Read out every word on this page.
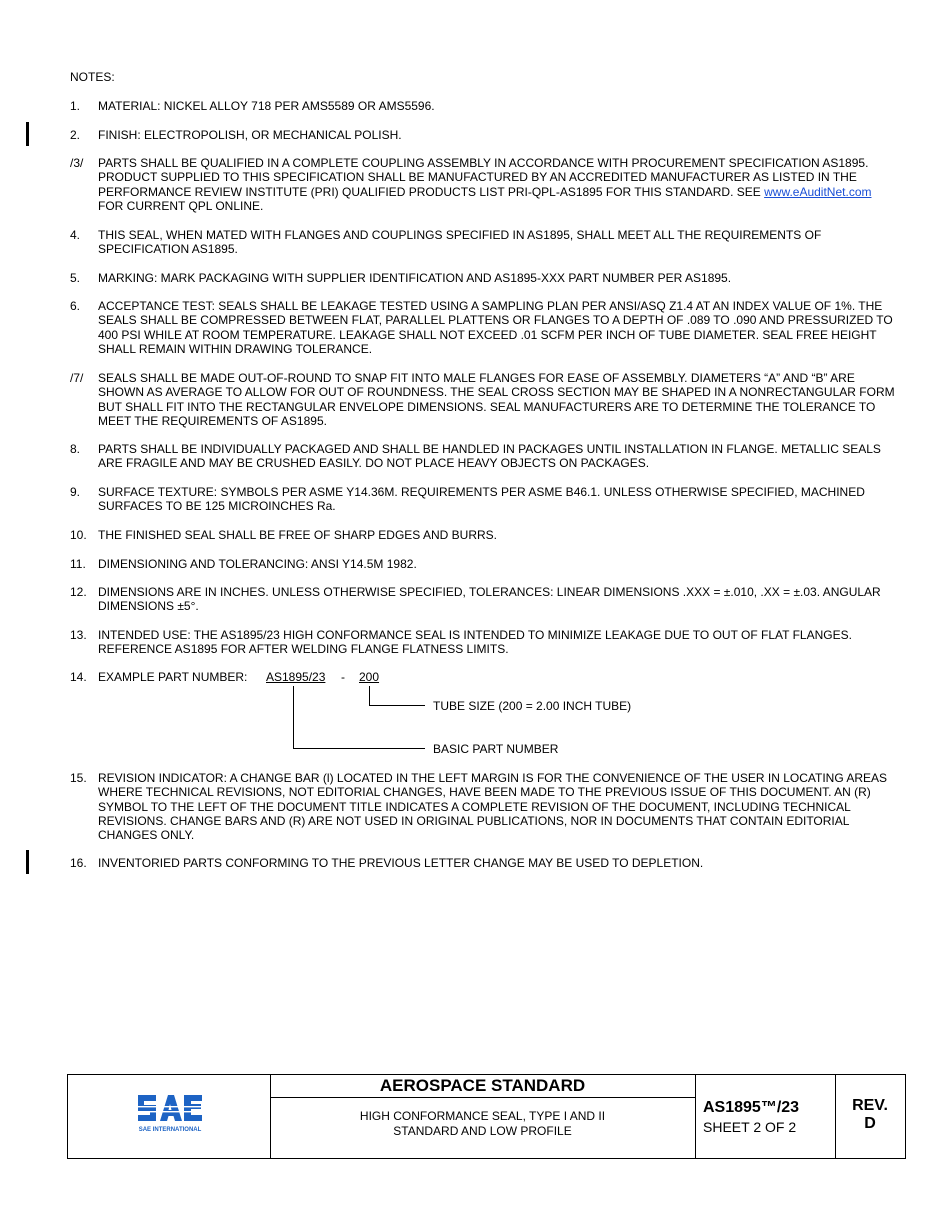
NOTES:
1. MATERIAL: NICKEL ALLOY 718 PER AMS5589 OR AMS5596.
2. FINISH: ELECTROPOLISH, OR MECHANICAL POLISH.
/3/ PARTS SHALL BE QUALIFIED IN A COMPLETE COUPLING ASSEMBLY IN ACCORDANCE WITH PROCUREMENT SPECIFICATION AS1895. PRODUCT SUPPLIED TO THIS SPECIFICATION SHALL BE MANUFACTURED BY AN ACCREDITED MANUFACTURER AS LISTED IN THE PERFORMANCE REVIEW INSTITUTE (PRI) QUALIFIED PRODUCTS LIST PRI-QPL-AS1895 FOR THIS STANDARD. SEE www.eAuditNet.com FOR CURRENT QPL ONLINE.
4. THIS SEAL, WHEN MATED WITH FLANGES AND COUPLINGS SPECIFIED IN AS1895, SHALL MEET ALL THE REQUIREMENTS OF SPECIFICATION AS1895.
5. MARKING: MARK PACKAGING WITH SUPPLIER IDENTIFICATION AND AS1895-XXX PART NUMBER PER AS1895.
6. ACCEPTANCE TEST: SEALS SHALL BE LEAKAGE TESTED USING A SAMPLING PLAN PER ANSI/ASQ Z1.4 AT AN INDEX VALUE OF 1%. THE SEALS SHALL BE COMPRESSED BETWEEN FLAT, PARALLEL PLATTENS OR FLANGES TO A DEPTH OF .089 TO .090 AND PRESSURIZED TO 400 PSI WHILE AT ROOM TEMPERATURE. LEAKAGE SHALL NOT EXCEED .01 SCFM PER INCH OF TUBE DIAMETER. SEAL FREE HEIGHT SHALL REMAIN WITHIN DRAWING TOLERANCE.
/7/ SEALS SHALL BE MADE OUT-OF-ROUND TO SNAP FIT INTO MALE FLANGES FOR EASE OF ASSEMBLY. DIAMETERS “A” AND “B” ARE SHOWN AS AVERAGE TO ALLOW FOR OUT OF ROUNDNESS. THE SEAL CROSS SECTION MAY BE SHAPED IN A NONRECTANGULAR FORM BUT SHALL FIT INTO THE RECTANGULAR ENVELOPE DIMENSIONS. SEAL MANUFACTURERS ARE TO DETERMINE THE TOLERANCE TO MEET THE REQUIREMENTS OF AS1895.
8. PARTS SHALL BE INDIVIDUALLY PACKAGED AND SHALL BE HANDLED IN PACKAGES UNTIL INSTALLATION IN FLANGE. METALLIC SEALS ARE FRAGILE AND MAY BE CRUSHED EASILY. DO NOT PLACE HEAVY OBJECTS ON PACKAGES.
9. SURFACE TEXTURE: SYMBOLS PER ASME Y14.36M. REQUIREMENTS PER ASME B46.1. UNLESS OTHERWISE SPECIFIED, MACHINED SURFACES TO BE 125 MICROINCHES Ra.
10. THE FINISHED SEAL SHALL BE FREE OF SHARP EDGES AND BURRS.
11. DIMENSIONING AND TOLERANCING: ANSI Y14.5M 1982.
12. DIMENSIONS ARE IN INCHES. UNLESS OTHERWISE SPECIFIED, TOLERANCES: LINEAR DIMENSIONS .XXX = ±.010, .XX = ±.03. ANGULAR DIMENSIONS ±5°.
13. INTENDED USE: THE AS1895/23 HIGH CONFORMANCE SEAL IS INTENDED TO MINIMIZE LEAKAGE DUE TO OUT OF FLAT FLANGES. REFERENCE AS1895 FOR AFTER WELDING FLANGE FLATNESS LIMITS.
14. EXAMPLE PART NUMBER:	AS1895/23 - 200
TUBE SIZE (200 = 2.00 INCH TUBE)
BASIC PART NUMBER
15. REVISION INDICATOR: A CHANGE BAR (l) LOCATED IN THE LEFT MARGIN IS FOR THE CONVENIENCE OF THE USER IN LOCATING AREAS WHERE TECHNICAL REVISIONS, NOT EDITORIAL CHANGES, HAVE BEEN MADE TO THE PREVIOUS ISSUE OF THIS DOCUMENT. AN (R) SYMBOL TO THE LEFT OF THE DOCUMENT TITLE INDICATES A COMPLETE REVISION OF THE DOCUMENT, INCLUDING TECHNICAL REVISIONS. CHANGE BARS AND (R) ARE NOT USED IN ORIGINAL PUBLICATIONS, NOR IN DOCUMENTS THAT CONTAIN EDITORIAL CHANGES ONLY.
16. INVENTORIED PARTS CONFORMING TO THE PREVIOUS LETTER CHANGE MAY BE USED TO DEPLETION.
SAE INTERNATIONAL
AEROSPACE STANDARD
HIGH CONFORMANCE SEAL, TYPE I AND II
STANDARD AND LOW PROFILE
AS1895™/23
SHEET 2 OF 2
REV.
D
